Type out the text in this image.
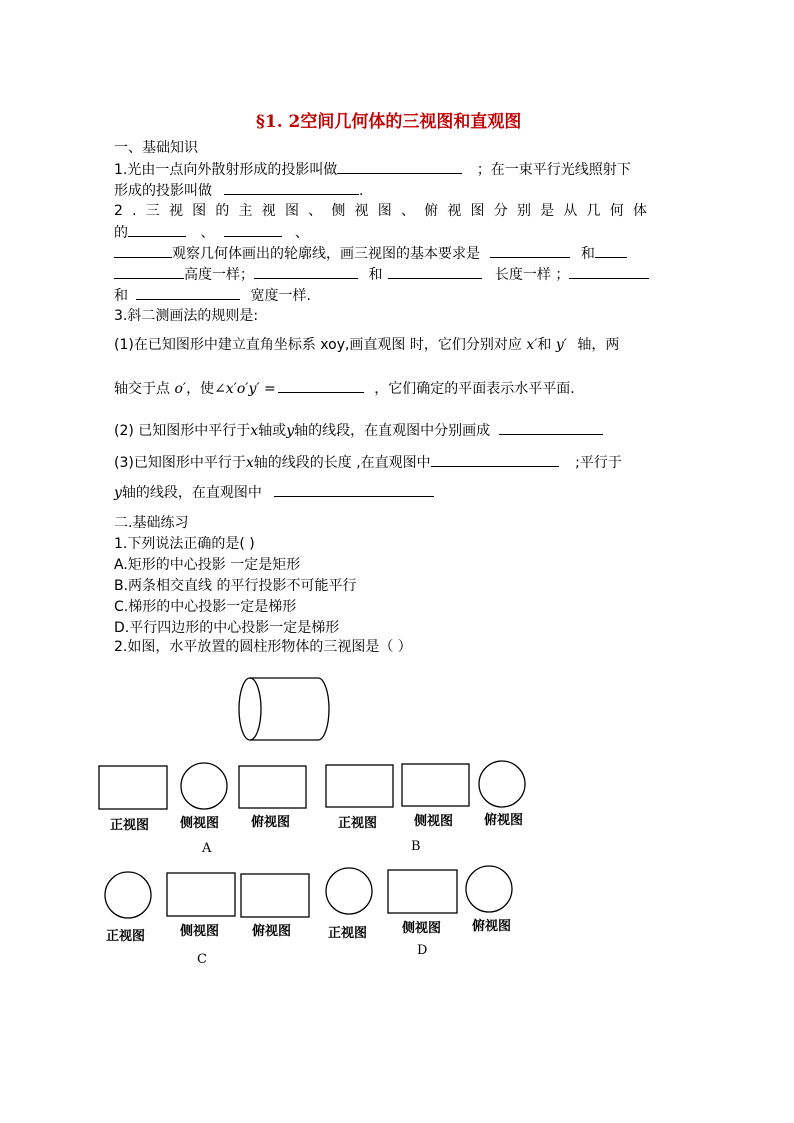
§1. 2空间几何体的三视图和直观图
一、基础知识
1.光由一点向外散射形成的投影叫做	；在一束平行光线照射下
形成的投影叫做	.
2.三视图的主视图、侧视图、俯视图分别是从几何体
的	、	、
观察几何体画出的轮廓线，画三视图的基本要求是	和
高度一样；	和	长度一样 ；
和	宽度一样.
3.斜二测画法的规则是:
(1)在已知图形中建立直角坐标系 xoy,画直观图 时，它们分别对应 x′和 y′ 轴，两
轴交于点 o′，使∠x′o′y′ =	，它们确定的平面表示水平平面.
(2) 已知图形中平行于x轴或y轴的线段，在直观图中分别画成
(3)已知图形中平行于x轴的线段的长度 ,在直观图中	;平行于
y轴的线段，在直观图中
二.基础练习
1.下列说法正确的是( )
A.矩形的中心投影 一定是矩形
B.两条相交直线 的平行投影不可能平行
C.梯形的中心投影一定是梯形
D.平行四边形的中心投影一定是梯形
2.如图，水平放置的圆柱形物体的三视图是（ ）
正视图 侧视图 俯视图
A
正视图	侧视图 俯视图
B
正视图	侧视图	俯视图
C
正视图	侧视图 俯视图
D
